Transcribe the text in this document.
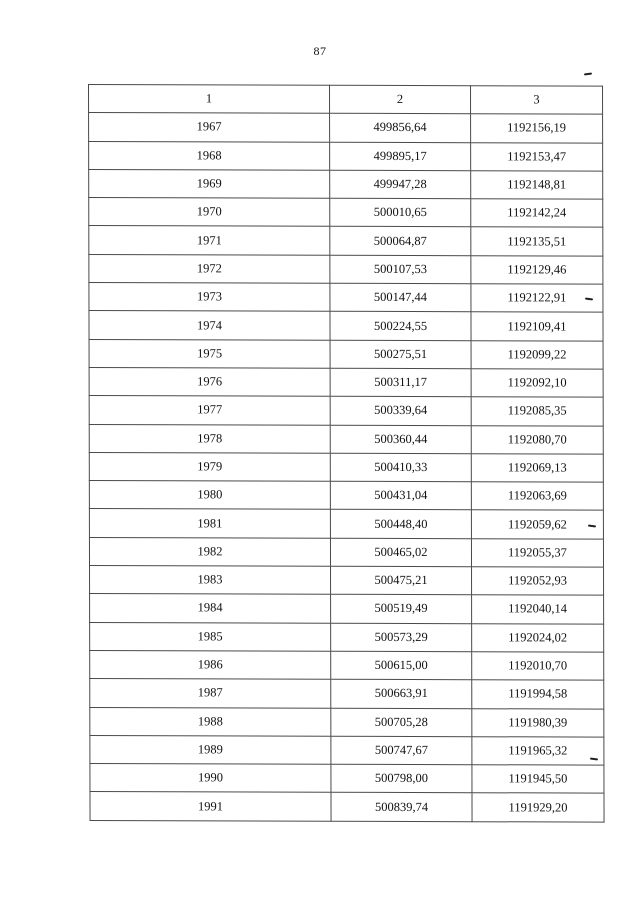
87
1	2	3
1967	499856,64	1192156,19
1968	499895,17	1192153,47
1969	499947,28	1192148,81
1970	500010,65	1192142,24
1971	500064,87	1192135,51
1972	500107,53	1192129,46
1973	500147,44	1192122,91
1974	500224,55	1192109,41
1975	500275,51	1192099,22
1976	500311,17	1192092,10
1977	500339,64	1192085,35
1978	500360,44	1192080,70
1979	500410,33	1192069,13
1980	500431,04	1192063,69
1981	500448,40	1192059,62
1982	500465,02	1192055,37
1983	500475,21	1192052,93
1984	500519,49	1192040,14
1985	500573,29	1192024,02
1986	500615,00	1192010,70
1987	500663,91	1191994,58
1988	500705,28	1191980,39
1989	500747,67	1191965,32
1990	500798,00	1191945,50
1991	500839,74	1191929,20
